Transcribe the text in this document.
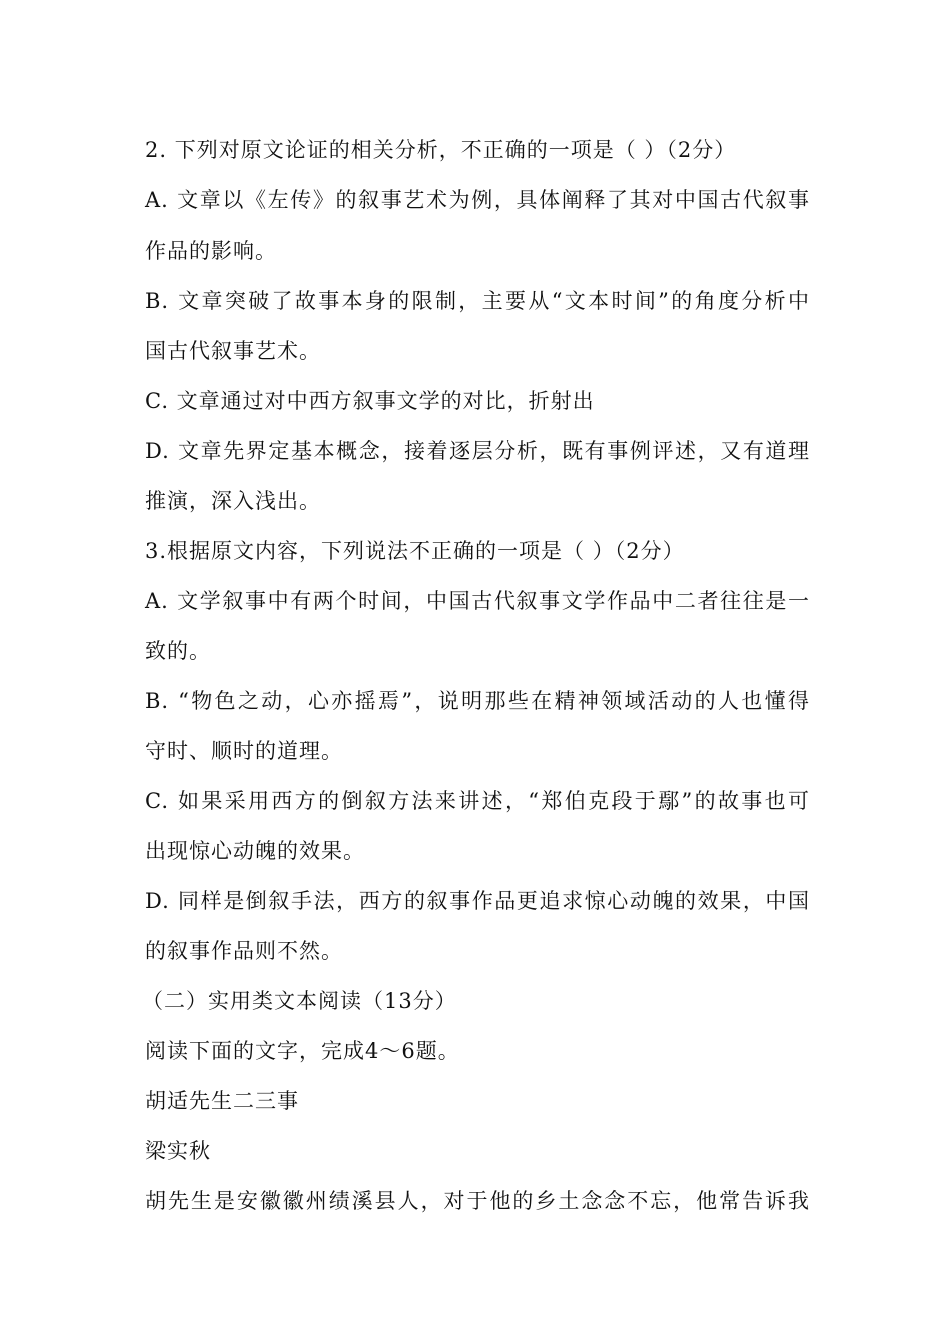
2. 下列对原文论证的相关分析，不正确的一项是（ ）（2分）
A. 文章以《左传》的叙事艺术为例，具体阐释了其对中国古代叙事
作品的影响。
B. 文章突破了故事本身的限制，主要从“文本时间”的角度分析中
国古代叙事艺术。
C. 文章通过对中西方叙事文学的对比，折射出
D. 文章先界定基本概念，接着逐层分析，既有事例评述，又有道理
推演，深入浅出。
3.根据原文内容，下列说法不正确的一项是（ ）（2分）
A. 文学叙事中有两个时间，中国古代叙事文学作品中二者往往是一
致的。
B. “物色之动，心亦摇焉”，说明那些在精神领域活动的人也懂得
守时、顺时的道理。
C. 如果采用西方的倒叙方法来讲述，“郑伯克段于鄢”的故事也可
出现惊心动魄的效果。
D. 同样是倒叙手法，西方的叙事作品更追求惊心动魄的效果，中国
的叙事作品则不然。
（二）实用类文本阅读（13分）
阅读下面的文字，完成4～6题。
胡适先生二三事
梁实秋
胡先生是安徽徽州绩溪县人，对于他的乡土念念不忘，他常告诉我
